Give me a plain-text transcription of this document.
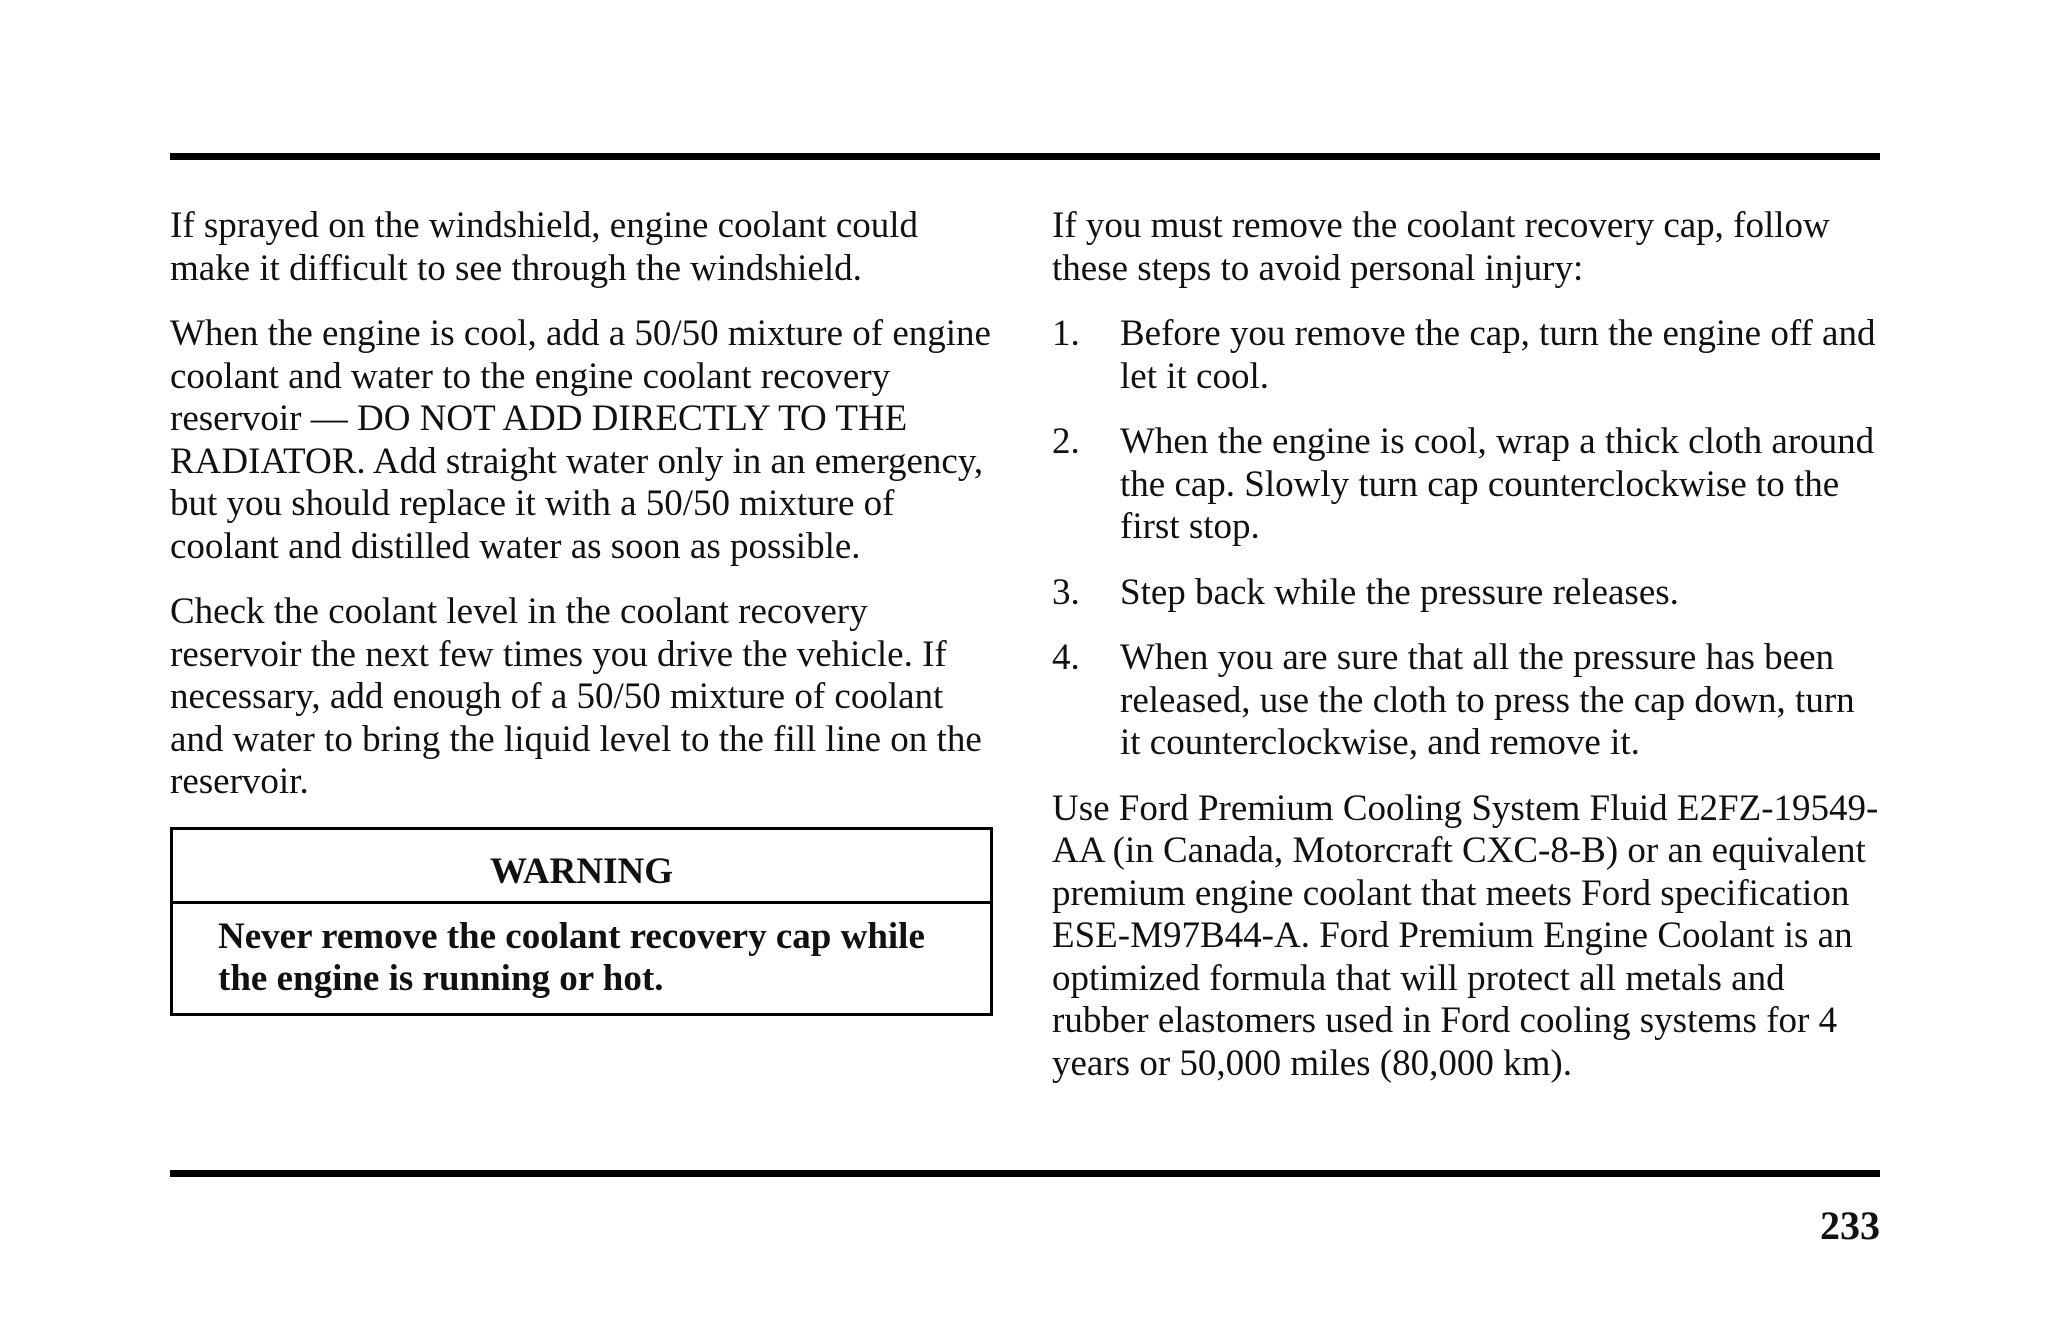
If sprayed on the windshield, engine coolant could make it difficult to see through the windshield.

When the engine is cool, add a 50/50 mixture of engine coolant and water to the engine coolant recovery reservoir — DO NOT ADD DIRECTLY TO THE RADIATOR. Add straight water only in an emergency, but you should replace it with a 50/50 mixture of coolant and distilled water as soon as possible.

Check the coolant level in the coolant recovery reservoir the next few times you drive the vehicle. If necessary, add enough of a 50/50 mixture of coolant and water to bring the liquid level to the fill line on the reservoir.

WARNING
Never remove the coolant recovery cap while the engine is running or hot.

If you must remove the coolant recovery cap, follow these steps to avoid personal injury:

1.	Before you remove the cap, turn the engine off and let it cool.
2.	When the engine is cool, wrap a thick cloth around the cap. Slowly turn cap counterclockwise to the first stop.
3.	Step back while the pressure releases.
4.	When you are sure that all the pressure has been released, use the cloth to press the cap down, turn it counterclockwise, and remove it.

Use Ford Premium Cooling System Fluid E2FZ-19549-AA (in Canada, Motorcraft CXC-8-B) or an equivalent premium engine coolant that meets Ford specification ESE-M97B44-A. Ford Premium Engine Coolant is an optimized formula that will protect all metals and rubber elastomers used in Ford cooling systems for 4 years or 50,000 miles (80,000 km).

233
